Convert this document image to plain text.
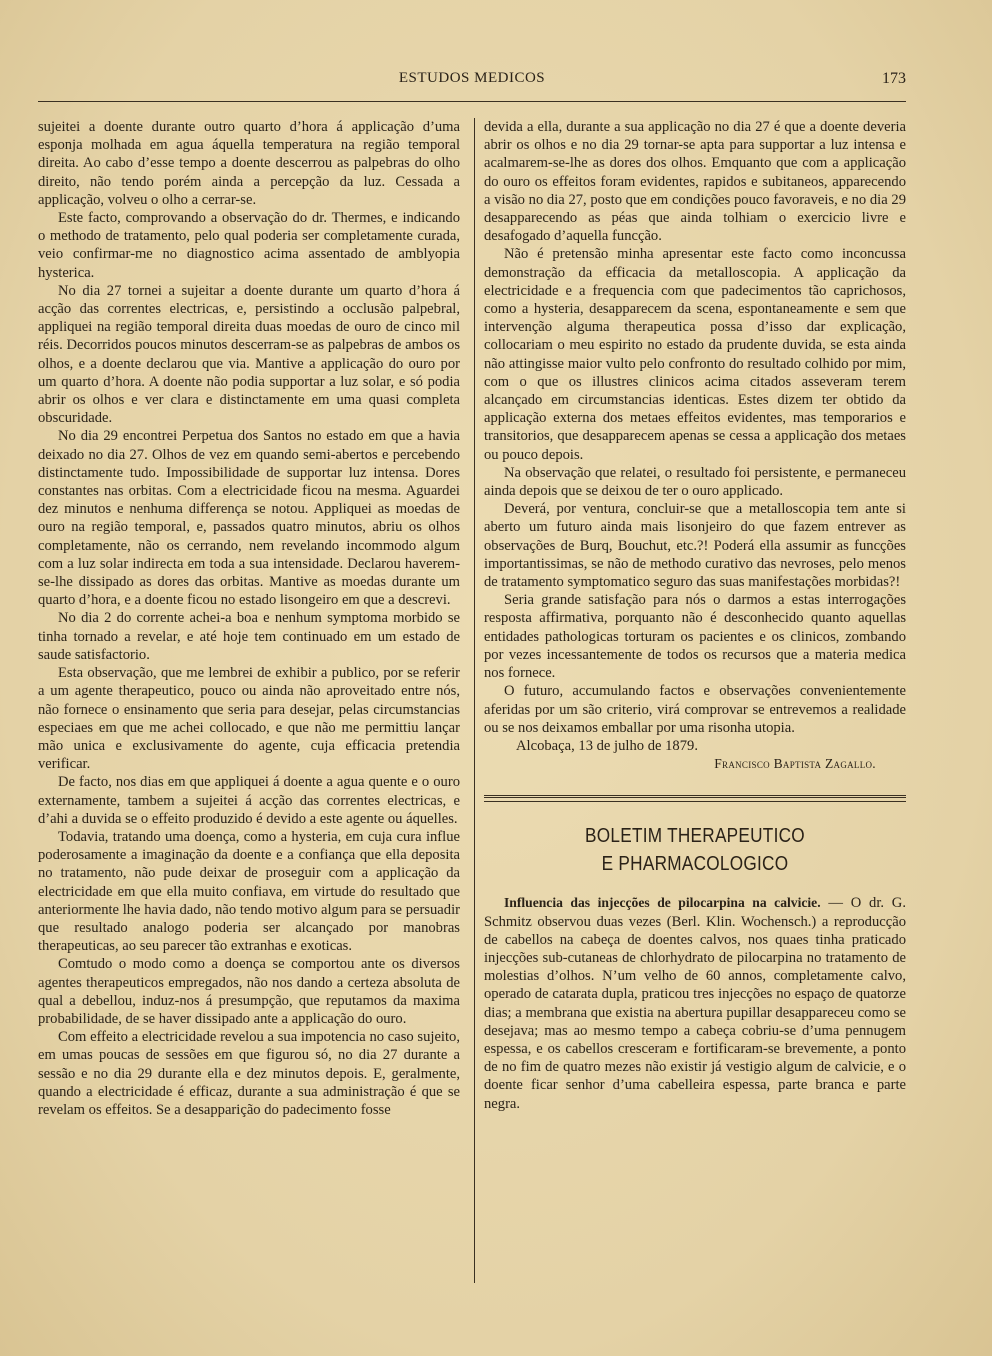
ESTUDOS MEDICOS	173

sujeitei a doente durante outro quarto d’hora á applicação d’uma esponja molhada em agua áquella temperatura na região temporal direita. Ao cabo d’esse tempo a doente descerrou as palpebras do olho direito, não tendo porém ainda a percepção da luz. Cessada a applicação, volveu o olho a cerrar-se.

Este facto, comprovando a observação do dr. Thermes, e indicando o methodo de tratamento, pelo qual poderia ser completamente curada, veio confirmar-me no diagnostico acima assentado de amblyopia hysterica.

No dia 27 tornei a sujeitar a doente durante um quarto d’hora á acção das correntes electricas, e, persistindo a occlusão palpebral, appliquei na região temporal direita duas moedas de ouro de cinco mil réis. Decorridos poucos minutos descerram-se as palpebras de ambos os olhos, e a doente declarou que via. Mantive a applicação do ouro por um quarto d’hora. A doente não podia supportar a luz solar, e só podia abrir os olhos e ver clara e distinctamente em uma quasi completa obscuridade.

No dia 29 encontrei Perpetua dos Santos no estado em que a havia deixado no dia 27. Olhos de vez em quando semi-abertos e percebendo distinctamente tudo. Impossibilidade de supportar luz intensa. Dores constantes nas orbitas. Com a electricidade ficou na mesma. Aguardei dez minutos e nenhuma differença se notou. Appliquei as moedas de ouro na região temporal, e, passados quatro minutos, abriu os olhos completamente, não os cerrando, nem revelando incommodo algum com a luz solar indirecta em toda a sua intensidade. Declarou haverem-se-lhe dissipado as dores das orbitas. Mantive as moedas durante um quarto d’hora, e a doente ficou no estado lisongeiro em que a descrevi.

No dia 2 do corrente achei-a boa e nenhum symptoma morbido se tinha tornado a revelar, e até hoje tem continuado em um estado de saude satisfactorio.

Esta observação, que me lembrei de exhibir a publico, por se referir a um agente therapeutico, pouco ou ainda não aproveitado entre nós, não fornece o ensinamento que seria para desejar, pelas circumstancias especiaes em que me achei collocado, e que não me permittiu lançar mão unica e exclusivamente do agente, cuja efficacia pretendia verificar.

De facto, nos dias em que appliquei á doente a agua quente e o ouro externamente, tambem a sujeitei á acção das correntes electricas, e d’ahi a duvida se o effeito produzido é devido a este agente ou áquelles.

Todavia, tratando uma doença, como a hysteria, em cuja cura influe poderosamente a imaginação da doente e a confiança que ella deposita no tratamento, não pude deixar de proseguir com a applicação da electricidade em que ella muito confiava, em virtude do resultado que anteriormente lhe havia dado, não tendo motivo algum para se persuadir que resultado analogo poderia ser alcançado por manobras therapeuticas, ao seu parecer tão extranhas e exoticas.

Comtudo o modo como a doença se comportou ante os diversos agentes therapeuticos empregados, não nos dando a certeza absoluta de qual a debellou, induz-nos á presumpção, que reputamos da maxima probabilidade, de se haver dissipado ante a applicação do ouro.

Com effeito a electricidade revelou a sua impotencia no caso sujeito, em umas poucas de sessões em que figurou só, no dia 27 durante a sessão e no dia 29 durante ella e dez minutos depois. E, geralmente, quando a electricidade é efficaz, durante a sua administração é que se revelam os effeitos. Se a desapparição do padecimento fosse

devida a ella, durante a sua applicação no dia 27 é que a doente deveria abrir os olhos e no dia 29 tornar-se apta para supportar a luz intensa e acalmarem-se-lhe as dores dos olhos. Emquanto que com a applicação do ouro os effeitos foram evidentes, rapidos e subitaneos, apparecendo a visão no dia 27, posto que em condições pouco favoraveis, e no dia 29 desapparecendo as péas que ainda tolhiam o exercicio livre e desafogado d’aquella funcção.

Não é pretensão minha apresentar este facto como inconcussa demonstração da efficacia da metalloscopia. A applicação da electricidade e a frequencia com que padecimentos tão caprichosos, como a hysteria, desapparecem da scena, espontaneamente e sem que intervenção alguma therapeutica possa d’isso dar explicação, collocariam o meu espirito no estado da prudente duvida, se esta ainda não attingisse maior vulto pelo confronto do resultado colhido por mim, com o que os illustres clinicos acima citados asseveram terem alcançado em circumstancias identicas. Estes dizem ter obtido da applicação externa dos metaes effeitos evidentes, mas temporarios e transitorios, que desapparecem apenas se cessa a applicação dos metaes ou pouco depois.

Na observação que relatei, o resultado foi persistente, e permaneceu ainda depois que se deixou de ter o ouro applicado.

Deverá, por ventura, concluir-se que a metalloscopia tem ante si aberto um futuro ainda mais lisonjeiro do que fazem entrever as observações de Burq, Bouchut, etc.?! Poderá ella assumir as funcções importantissimas, se não de methodo curativo das nevroses, pelo menos de tratamento symptomatico seguro das suas manifestações morbidas?!

Seria grande satisfação para nós o darmos a estas interrogações resposta affirmativa, porquanto não é desconhecido quanto aquellas entidades pathologicas torturam os pacientes e os clinicos, zombando por vezes incessantemente de todos os recursos que a materia medica nos fornece.

O futuro, accumulando factos e observações convenientemente aferidas por um são criterio, virá comprovar se entrevemos a realidade ou se nos deixamos emballar por uma risonha utopia.

Alcobaça, 13 de julho de 1879.

Francisco Baptista Zagallo.

BOLETIM THERAPEUTICO
E PHARMACOLOGICO

Influencia das injecções de pilocarpina na calvicie. — O dr. G. Schmitz observou duas vezes (Berl. Klin. Wochensch.) a reproducção de cabellos na cabeça de doentes calvos, nos quaes tinha praticado injecções sub-cutaneas de chlorhydrato de pilocarpina no tratamento de molestias d’olhos. N’um velho de 60 annos, completamente calvo, operado de catarata dupla, praticou tres injecções no espaço de quatorze dias; a membrana que existia na abertura pupillar desappareceu como se desejava; mas ao mesmo tempo a cabeça cobriu-se d’uma pennugem espessa, e os cabellos cresceram e fortificaram-se brevemente, a ponto de no fim de quatro mezes não existir já vestigio algum de calvicie, e o doente ficar senhor d’uma cabelleira espessa, parte branca e parte negra.
